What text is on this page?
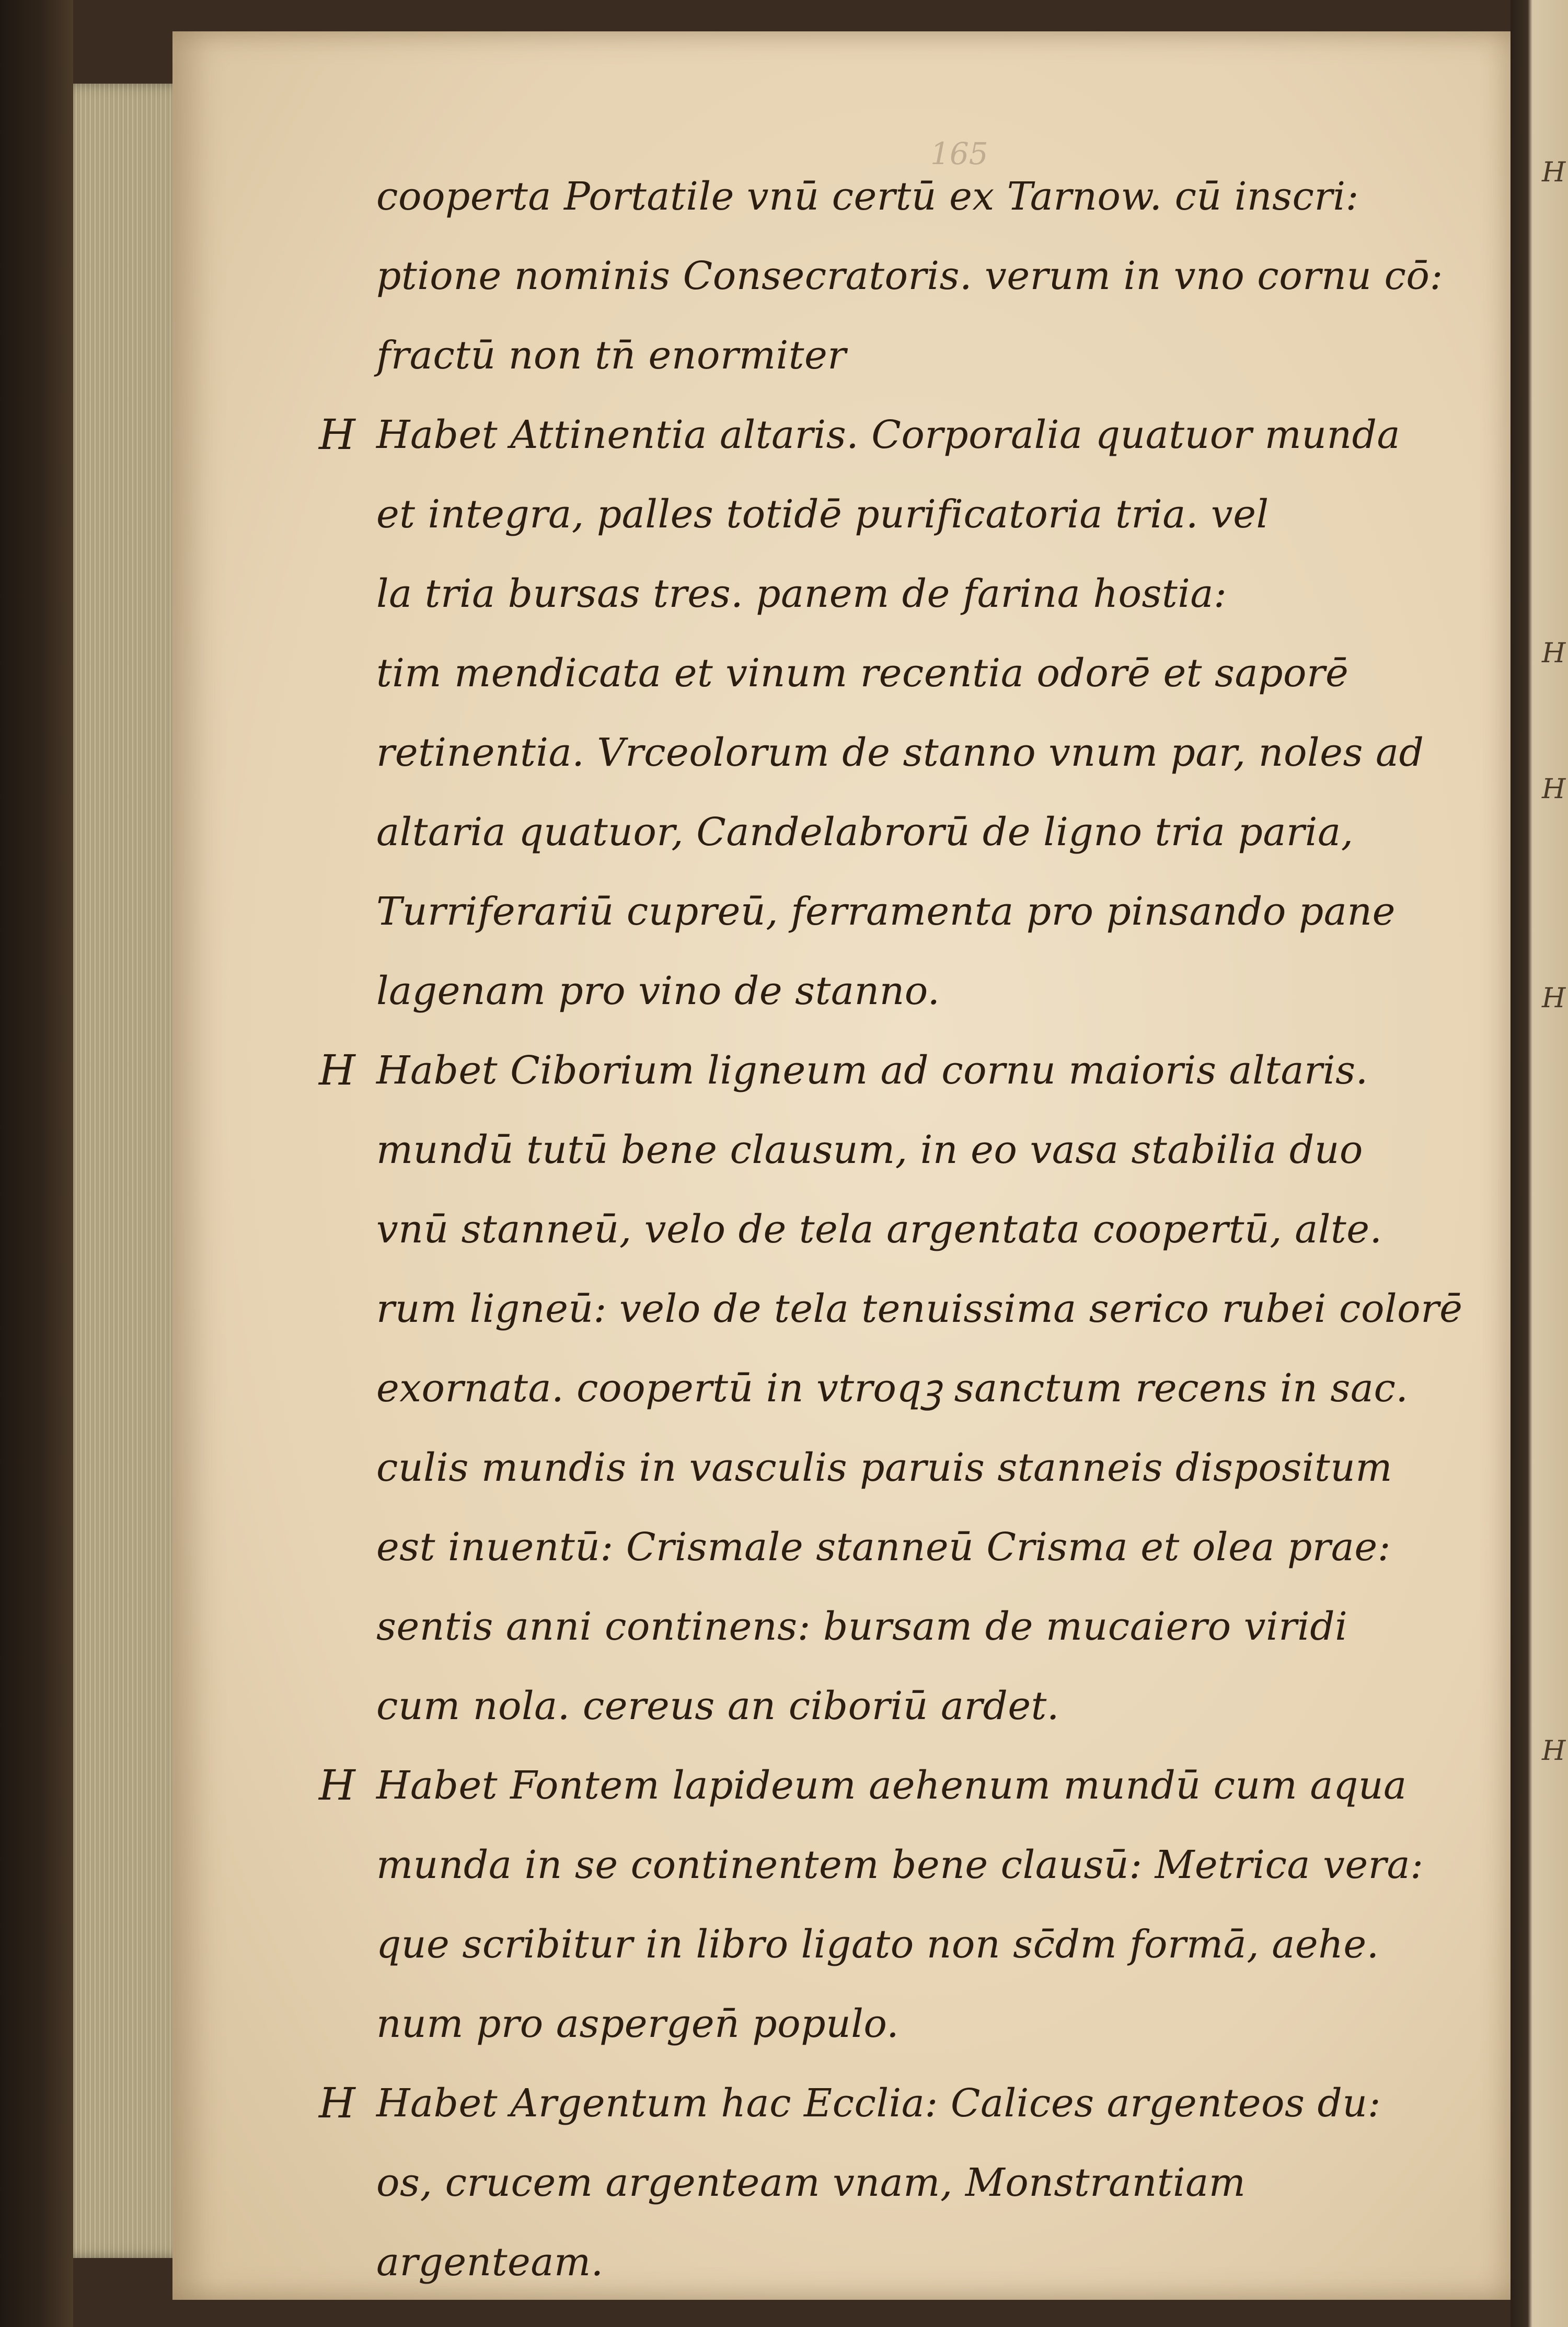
165
H
H
H
H
H
cooperta Portatile vnū certū ex Tarnow. cū inscri:
ptione nominis Consecratoris. verum in vno cornu cō:
fractū non tn̄ enormiter
H Habet Attinentia altaris. Corporalia quatuor munda
et integra, palles totidē purificatoria tria. vel
la tria bursas tres. panem de farina hostia:
tim mendicata et vinum recentia odorē et saporē
retinentia. Vrceolorum de stanno vnum par, noles ad
altaria quatuor, Candelabrorū de ligno tria paria,
Turriferariū cupreū, ferramenta pro pinsando pane
lagenam pro vino de stanno.
H Habet Ciborium ligneum ad cornu maioris altaris.
mundū tutū bene clausum, in eo vasa stabilia duo
vnū stanneū, velo de tela argentata coopertū, alte.
rum ligneū: velo de tela tenuissima serico rubei colorē
exornata. coopertū in vtroqꝫ sanctum recens in sac.
culis mundis in vasculis paruis stanneis dispositum
est inuentū: Crismale stanneū Crisma et olea prae:
sentis anni continens: bursam de mucaiero viridi
cum nola. cereus an ciboriū ardet.
H Habet Fontem lapideum aehenum mundū cum aqua
munda in se continentem bene clausū: Metrica vera:
que scribitur in libro ligato non sc̄dm formā, aehe.
num pro aspergen̄ populo.
H Habet Argentum hac Ecclia: Calices argenteos du:
os, crucem argenteam vnam, Monstrantiam
argenteam.
